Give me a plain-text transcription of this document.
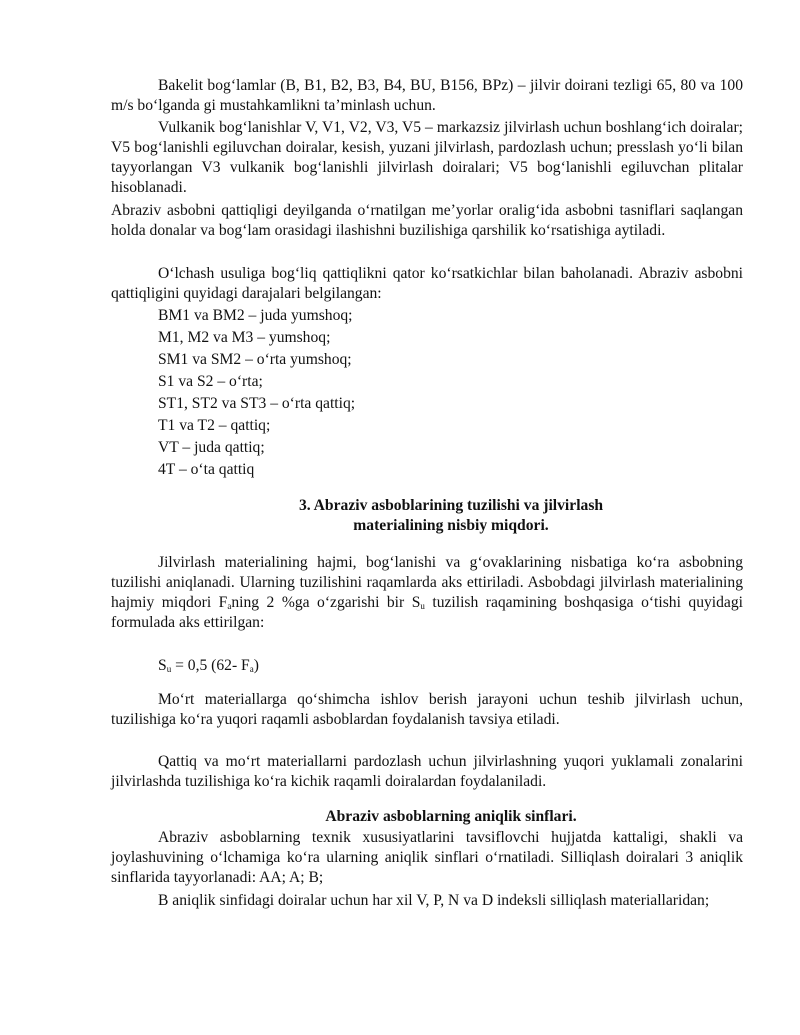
Bakelit bog‘lamlar (B, B1, B2, B3, B4, BU, B156, BPz) – jilvir doirani tezligi 65, 80 va 100 m/s bo‘lganda gi mustahkamlikni ta’minlash uchun.

Vulkanik bog‘lanishlar V, V1, V2, V3, V5 – markazsiz jilvirlash uchun boshlang‘ich doiralar; V5 bog‘lanishli egiluvchan doiralar, kesish, yuzani jilvirlash, pardozlash uchun; presslash yo‘li bilan tayyorlangan V3 vulkanik bog‘lanishli jilvirlash doiralari; V5 bog‘lanishli egiluvchan plitalar hisoblanadi.

Abraziv asbobni qattiqligi deyilganda o‘rnatilgan me’yorlar oralig‘ida asbobni tasniflari saqlangan holda donalar va bog‘lam orasidagi ilashishni buzilishiga qarshilik ko‘rsatishiga aytiladi.

O‘lchash usuliga bog‘liq qattiqlikni qator ko‘rsatkichlar bilan baholanadi. Abraziv asbobni qattiqligini quyidagi darajalari belgilangan:

BM1 va BM2 – juda yumshoq;
M1, M2 va M3 – yumshoq;
SM1 va SM2 – o‘rta yumshoq;
S1 va S2 – o‘rta;
ST1, ST2 va ST3 – o‘rta qattiq;
T1 va T2 – qattiq;
VT – juda qattiq;
4T – o‘ta qattiq
3. Abraziv asboblarining tuzilishi va jilvirlash
materialining nisbiy miqdori.

Jilvirlash materialining hajmi, bog‘lanishi va g‘ovaklarining nisbatiga ko‘ra asbobning tuzilishi aniqlanadi. Ularning tuzilishini raqamlarda aks ettiriladi. Asbobdagi jilvirlash materialining hajmiy miqdori $F_aning$ 2 %ga o‘zgarishi bir $S_u$ tuzilish raqamining boshqasiga o‘tishi quyidagi formulada aks ettirilgan:

$S_u = 0,5$ (62- $F_a$)

Mo‘rt materiallarga qo‘shimcha ishlov berish jarayoni uchun teshib jilvirlash uchun, tuzilishiga ko‘ra yuqori raqamli asboblardan foydalanish tavsiya etiladi.

Qattiq va mo‘rt materiallarni pardozlash uchun jilvirlashning yuqori yuklamali zonalarini jilvirlashda tuzilishiga ko‘ra kichik raqamli doiralardan foydalaniladi.

Abraziv asboblarning aniqlik sinflari.

Abraziv asboblarning texnik xususiyatlarini tavsiflovchi hujjatda kattaligi, shakli va joylashuvining o‘lchamiga ko‘ra ularning aniqlik sinflari o‘rnatiladi. Silliqlash doiralari 3 aniqlik sinflarida tayyorlanadi: AA; A; B;

B aniqlik sinfidagi doiralar uchun har xil V, P, N va D indeksli silliqlash materiallaridan;
